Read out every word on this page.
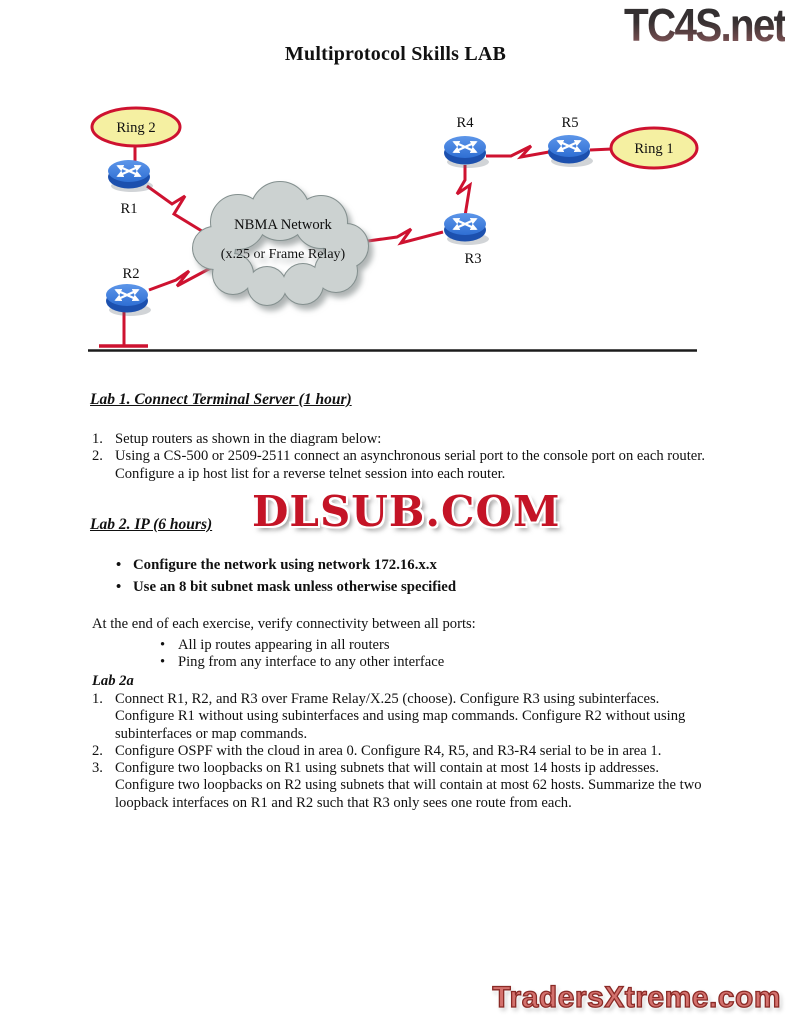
TC4S.net
Multiprotocol Skills LAB
NBMA Network
(x.25 or Frame Relay)
Ring 2
Ring 1
R1
R2
R3
R4	R5
Lab 1. Connect Terminal Server (1 hour)
1. Setup routers as shown in the diagram below:
2. Using a CS-500 or 2509-2511 connect an asynchronous serial port to the console port on each router. Configure a ip host list for a reverse telnet session into each router.
DLSUB.COM
Lab 2. IP (6 hours)
• Configure the network using network 172.16.x.x
• Use an 8 bit subnet mask unless otherwise specified
At the end of each exercise, verify connectivity between all ports:
• All ip routes appearing in all routers
• Ping from any interface to any other interface
Lab 2a
1. Connect R1, R2, and R3 over Frame Relay/X.25 (choose). Configure R3 using subinterfaces. Configure R1 without using subinterfaces and using map commands. Configure R2 without using subinterfaces or map commands.
2. Configure OSPF with the cloud in area 0. Configure R4, R5, and R3-R4 serial to be in area 1.
3. Configure two loopbacks on R1 using subnets that will contain at most 14 hosts ip addresses. Configure two loopbacks on R2 using subnets that will contain at most 62 hosts. Summarize the two loopback interfaces on R1 and R2 such that R3 only sees one route from each.
TradersXtreme.com
